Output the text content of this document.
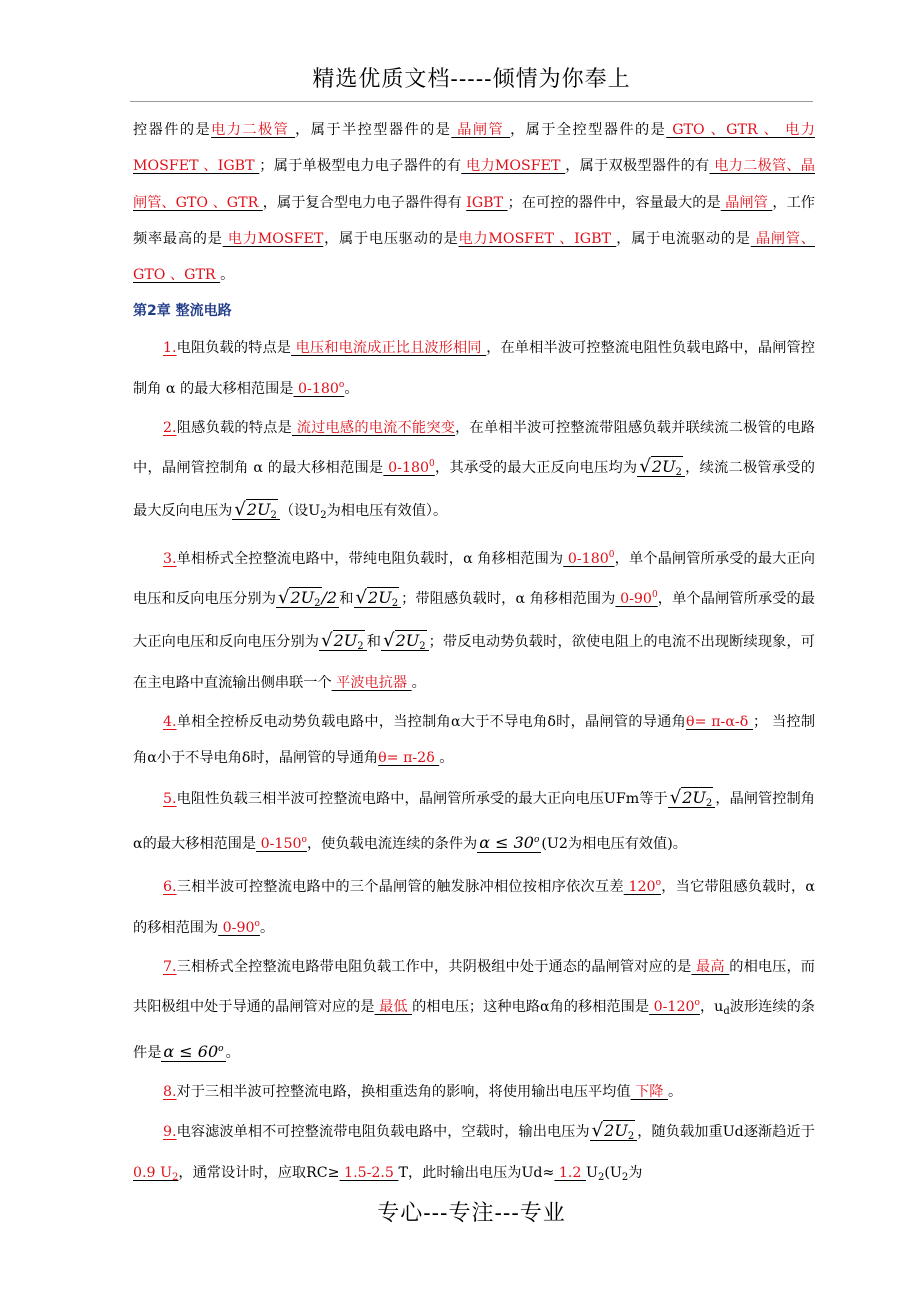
精选优质文档-----倾情为你奉上

控器件的是电力二极管 ，属于半控型器件的是 晶闸管 ，属于全控型器件的是 GTO 、GTR 、 电力MOSFET 、IGBT ；属于单极型电力电子器件的有 电力MOSFET ，属于双极型器件的有 电力二极管、晶闸管、GTO 、GTR ，属于复合型电力电子器件得有 IGBT ；在可控的器件中，容量最大的是 晶闸管 ，工作频率最高的是 电力MOSFET，属于电压驱动的是电力MOSFET 、IGBT ，属于电流驱动的是 晶闸管、GTO 、GTR 。

第2章 整流电路

1.电阻负载的特点是 电压和电流成正比且波形相同 ，在单相半波可控整流电阻性负载电路中，晶闸管控制角 α 的最大移相范围是 0-180$^o$。

2.阻感负载的特点是 流过电感的电流不能突变，在单相半波可控整流带阻感负载并联续流二极管的电路中，晶闸管控制角 α 的最大移相范围是 $0-180^0$，其承受的最大正反向电压均为 $√2U_2$ ，续流二极管承受的最大反向电压为 $√2U_2$ （设$U_2$为相电压有效值）。

3.单相桥式全控整流电路中，带纯电阻负载时，α 角移相范围为 $0-180^0$，单个晶闸管所承受的最大正向电压和反向电压分别为 $√2U_2/2$ 和 $√2U_2$ ；带阻感负载时，α 角移相范围为 $0-90^0$，单个晶闸管所承受的最大正向电压和反向电压分别为 $√2U_2$ 和 $√2U_2$ ；带反电动势负载时，欲使电阻上的电流不出现断续现象，可在主电路中直流输出侧串联一个 平波电抗器 。

4.单相全控桥反电动势负载电路中，当控制角α大于不导电角δ时，晶闸管的导通角θ= π-α-δ ； 当控制角α小于不导电角δ时，晶闸管的导通角θ= π-2δ 。

5.电阻性负载三相半波可控整流电路中，晶闸管所承受的最大正向电压UFm等于 $√2U_2$ ，晶闸管控制角α的最大移相范围是 0-150$^o$，使负载电流连续的条件为 $\alpha \le 30^o$ (U2为相电压有效值)。

6.三相半波可控整流电路中的三个晶闸管的触发脉冲相位按相序依次互差 120$^o$，当它带阻感负载时，α的移相范围为 0-90$^o$。

7.三相桥式全控整流电路带电阻负载工作中，共阴极组中处于通态的晶闸管对应的是 最高 的相电压，而共阳极组中处于导通的晶闸管对应的是 最低 的相电压；这种电路α角的移相范围是 0-120$^o$，$u_d$波形连续的条件是 $\alpha \le 60^o$ 。

8.对于三相半波可控整流电路，换相重迭角的影响，将使用输出电压平均值 下降 。

9.电容滤波单相不可控整流带电阻负载电路中，空载时，输出电压为 $√2U_2$ ，随负载加重Ud逐渐趋近于 0.9 $U_2$，通常设计时，应取RC≥ 1.5-2.5 T，此时输出电压为Ud≈ 1.2 $U_2(U_2$为

专心---专注---专业
